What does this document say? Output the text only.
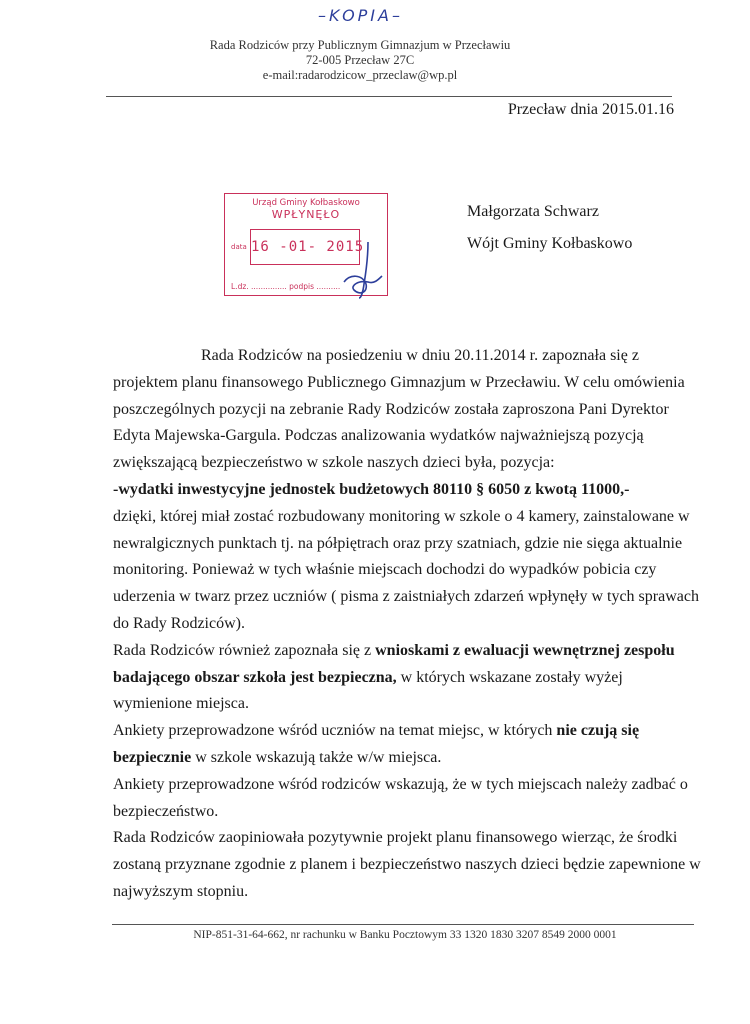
–KOPIA–
Rada Rodziców przy Publicznym Gimnazjum w Przecławiu
72-005 Przecław 27C
e-mail:radarodzicow_przeclaw@wp.pl
Przecław dnia 2015.01.16
Urząd Gminy Kołbaskowo
WPŁYNĘŁO
data 16 -01- 2015
L.dz. ............... podpis ..........
Małgorzata Schwarz
Wójt Gminy Kołbaskowo

Rada Rodziców na posiedzeniu w dniu 20.11.2014 r. zapoznała się z projektem planu finansowego Publicznego Gimnazjum w Przecławiu. W celu omówienia poszczególnych pozycji na zebranie Rady Rodziców została zaproszona Pani Dyrektor Edyta Majewska-Gargula. Podczas analizowania wydatków najważniejszą pozycją zwiększającą bezpieczeństwo w szkole naszych dzieci była, pozycja:

-wydatki inwestycyjne jednostek budżetowych 80110 § 6050 z kwotą 11000,-

dzięki, której miał zostać rozbudowany monitoring w szkole o 4 kamery, zainstalowane w newralgicznych punktach tj. na półpiętrach oraz przy szatniach, gdzie nie sięga aktualnie monitoring. Ponieważ w tych właśnie miejscach dochodzi do wypadków pobicia czy uderzenia w twarz przez uczniów ( pisma z zaistniałych zdarzeń wpłynęły w tych sprawach do Rady Rodziców).

Rada Rodziców również zapoznała się z wnioskami z ewaluacji wewnętrznej zespołu badającego obszar szkoła jest bezpieczna, w których wskazane zostały wyżej wymienione miejsca.

Ankiety przeprowadzone wśród uczniów na temat miejsc, w których nie czują się bezpiecznie w szkole wskazują także w/w miejsca.

Ankiety przeprowadzone wśród rodziców wskazują, że w tych miejscach należy zadbać o bezpieczeństwo.

Rada Rodziców zaopiniowała pozytywnie projekt planu finansowego wierząc, że środki zostaną przyznane zgodnie z planem i bezpieczeństwo naszych dzieci będzie zapewnione w najwyższym stopniu.

NIP-851-31-64-662, nr rachunku w Banku Pocztowym 33 1320 1830 3207 8549 2000 0001
